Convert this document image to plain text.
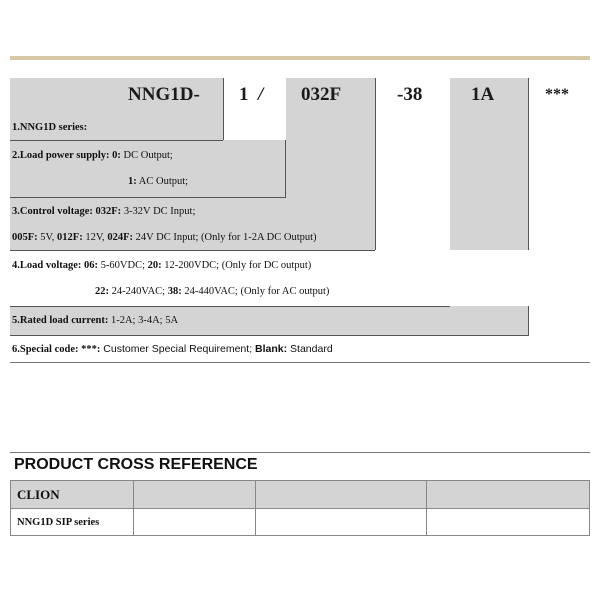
NNG1D- 1 / 032F	-38	1A	***
1.NNG1D series:
2.Load power supply: 0: DC Output;
1: AC Output;
3.Control voltage: 032F: 3-32V DC Input;
005F: 5V, 012F: 12V, 024F: 24V DC Input; (Only for 1-2A DC Output)
4.Load voltage: 06: 5-60VDC; 20: 12-200VDC; (Only for DC output)
22: 24-240VAC; 38: 24-440VAC; (Only for AC output)
5.Rated load current: 1-2A; 3-4A; 5A
6.Special code: ***: Customer Special Requirement; Blank: Standard
PRODUCT CROSS REFERENCE
CLION			
NNG1D SIP series			
